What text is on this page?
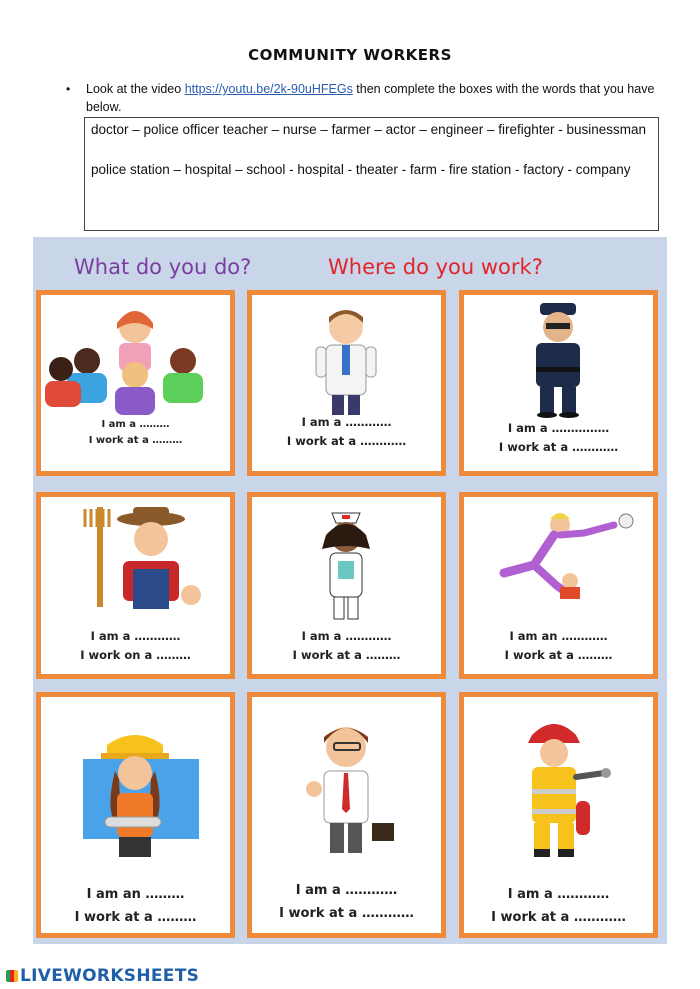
COMMUNITY WORKERS
• Look at the video https://youtu.be/2k-90uHFEGs then complete the boxes with the words that you have below.

doctor – police officer teacher – nurse – farmer – actor – engineer – firefighter - businessman

police station – hospital – school - hospital - theater - farm - fire station - factory - company

What do you do?	Where do you work?
I am a ………
I work at a ………
I am a …………
I work at a …………
I am a ……………
I work at a …………
I am a …………
I work on a ………
I am a …………
I work at a ………
I am an …………
I work at a ………
I am an ………
I work at a ………
I am a …………
I work at a …………
I am a …………
I work at a …………
LIVEWORKSHEETS
